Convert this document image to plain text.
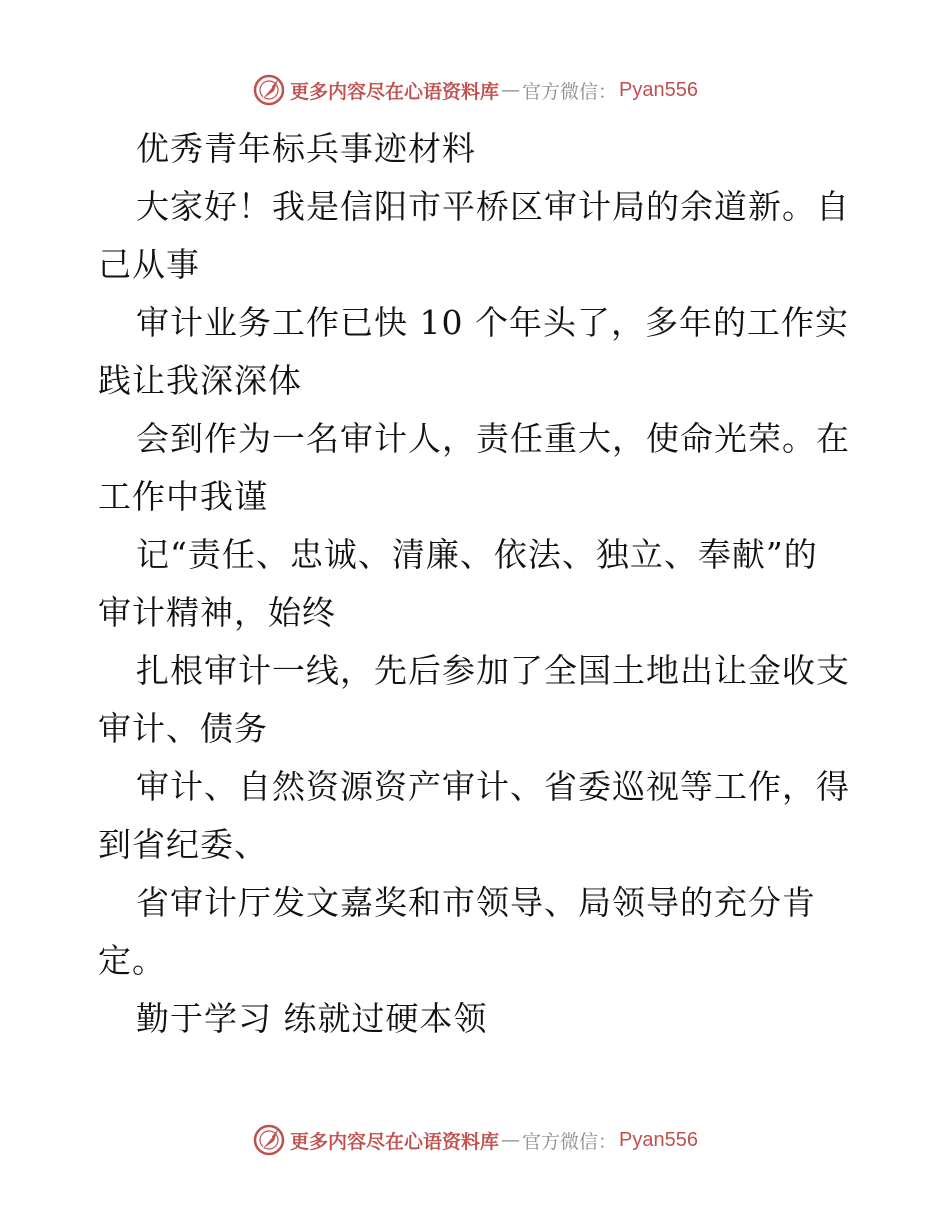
更多内容尽在心语资料库 — 官方微信： Pyan556
优秀青年标兵事迹材料
大家好！我是信阳市平桥区审计局的余道新。自
己从事
审计业务工作已快 10 个年头了，多年的工作实
践让我深深体
会到作为一名审计人，责任重大，使命光荣。在
工作中我谨
记“责任、忠诚、清廉、依法、独立、奉献”的
审计精神，始终
扎根审计一线，先后参加了全国土地出让金收支
审计、债务
审计、自然资源资产审计、省委巡视等工作，得
到省纪委、
省审计厅发文嘉奖和市领导、局领导的充分肯
定。
勤于学习 练就过硬本领
更多内容尽在心语资料库 — 官方微信： Pyan556
